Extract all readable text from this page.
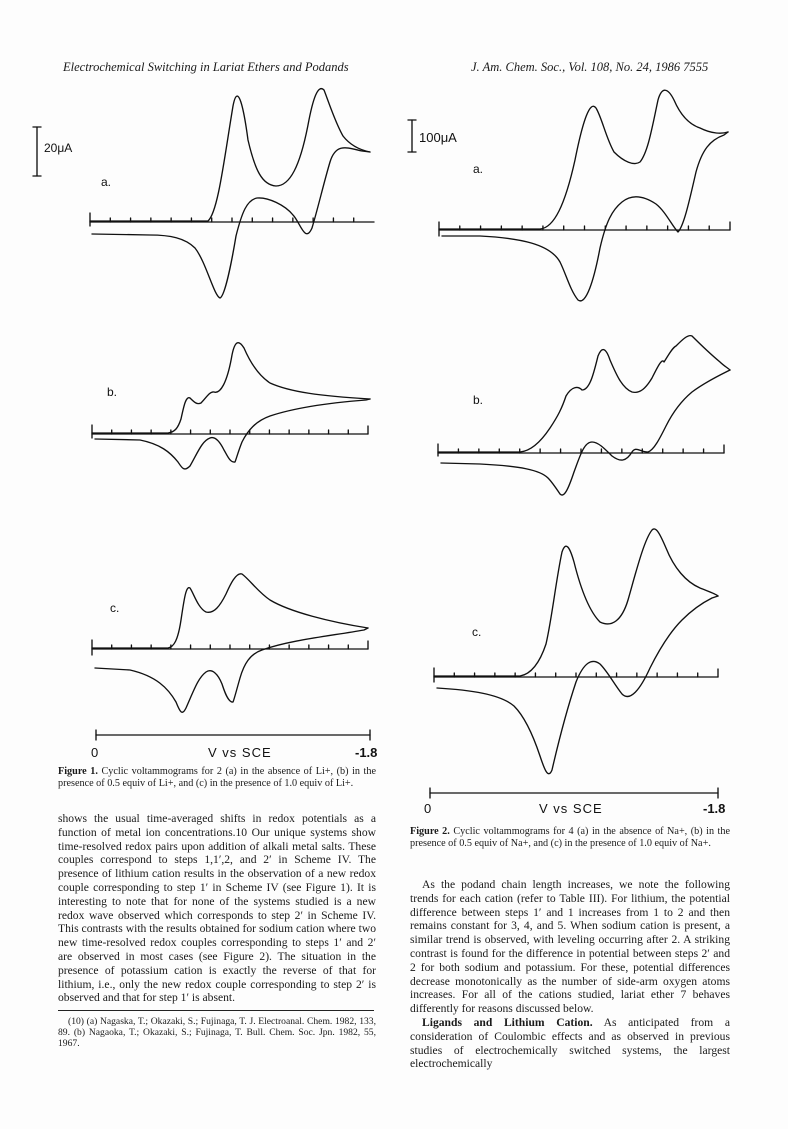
Electrochemical Switching in Lariat Ethers and Podands	J. Am. Chem. Soc., Vol. 108, No. 24, 1986 7555
20μA
a.
b.
c.
0	V vs SCE	-1.8
100μA
a.
b.
c.
0	V vs SCE	-1.8
Figure 1. Cyclic voltammograms for 2 (a) in the absence of Li+, (b) in the presence of 0.5 equiv of Li+, and (c) in the presence of 1.0 equiv of Li+.
Figure 2. Cyclic voltammograms for 4 (a) in the absence of Na+, (b) in the presence of 0.5 equiv of Na+, and (c) in the presence of 1.0 equiv of Na+.

shows the usual time-averaged shifts in redox potentials as a function of metal ion concentrations.10 Our unique systems show time-resolved redox pairs upon addition of alkali metal salts. These couples correspond to steps 1,1′,2, and 2′ in Scheme IV. The presence of lithium cation results in the observation of a new redox couple corresponding to step 1′ in Scheme IV (see Figure 1). It is interesting to note that for none of the systems studied is a new redox wave observed which corresponds to step 2′ in Scheme IV. This contrasts with the results obtained for sodium cation where two new time-resolved redox couples corresponding to steps 1′ and 2′ are observed in most cases (see Figure 2). The situation in the presence of potassium cation is exactly the reverse of that for lithium, i.e., only the new redox couple corresponding to step 2′ is observed and that for step 1′ is absent.

(10) (a) Nagaska, T.; Okazaki, S.; Fujinaga, T. J. Electroanal. Chem. 1982, 133, 89. (b) Nagaoka, T.; Okazaki, S.; Fujinaga, T. Bull. Chem. Soc. Jpn. 1982, 55, 1967.

As the podand chain length increases, we note the following trends for each cation (refer to Table III). For lithium, the potential difference between steps 1′ and 1 increases from 1 to 2 and then remains constant for 3, 4, and 5. When sodium cation is present, a similar trend is observed, with leveling occurring after 2. A striking contrast is found for the difference in potential between steps 2′ and 2 for both sodium and potassium. For these, potential differences decrease monotonically as the number of side-arm oxygen atoms increases. For all of the cations studied, lariat ether 7 behaves differently for reasons discussed below.

Ligands and Lithium Cation. As anticipated from a consideration of Coulombic effects and as observed in previous studies of electrochemically switched systems, the largest electrochemically
